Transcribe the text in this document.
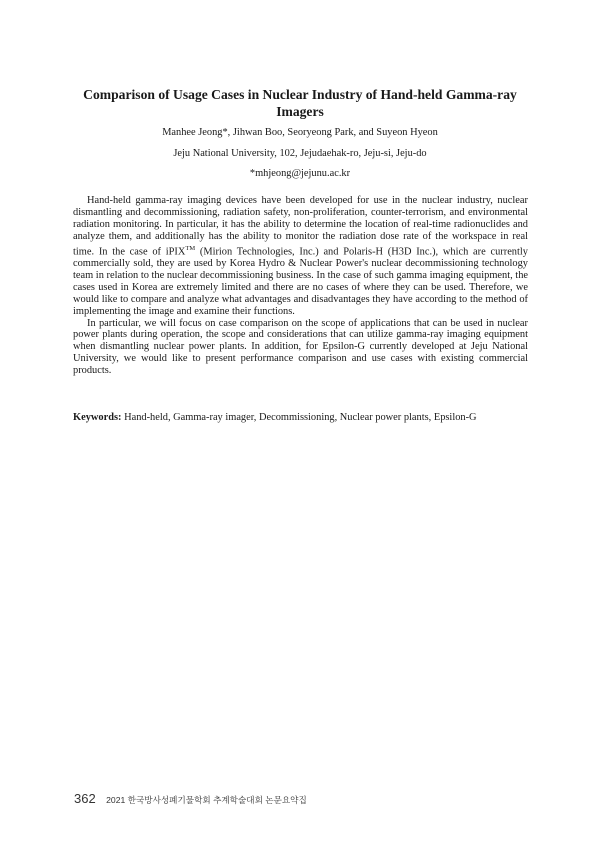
Comparison of Usage Cases in Nuclear Industry of Hand-held Gamma-ray Imagers
Manhee Jeong*, Jihwan Boo, Seoryeong Park, and Suyeon Hyeon
Jeju National University, 102, Jejudaehak-ro, Jeju-si, Jeju-do
*mhjeong@jejunu.ac.kr

Hand-held gamma-ray imaging devices have been developed for use in the nuclear industry, nuclear dismantling and decommissioning, radiation safety, non-proliferation, counter-terrorism, and environmental radiation monitoring. In particular, it has the ability to determine the location of real-time radionuclides and analyze them, and additionally has the ability to monitor the radiation dose rate of the workspace in real time. In the case of iPIX™ (Mirion Technologies, Inc.) and Polaris-H (H3D Inc.), which are currently commercially sold, they are used by Korea Hydro & Nuclear Power's nuclear decommissioning technology team in relation to the nuclear decommissioning business. In the case of such gamma imaging equipment, the cases used in Korea are extremely limited and there are no cases of where they can be used. Therefore, we would like to compare and analyze what advantages and disadvantages they have according to the method of implementing the image and examine their functions.

In particular, we will focus on case comparison on the scope of applications that can be used in nuclear power plants during operation, the scope and considerations that can utilize gamma-ray imaging equipment when dismantling nuclear power plants. In addition, for Epsilon-G currently developed at Jeju National University, we would like to present performance comparison and use cases with existing commercial products.

Keywords: Hand-held, Gamma-ray imager, Decommissioning, Nuclear power plants, Epsilon-G
362 2021 한국방사성폐기물학회 추계학술대회 논문요약집
